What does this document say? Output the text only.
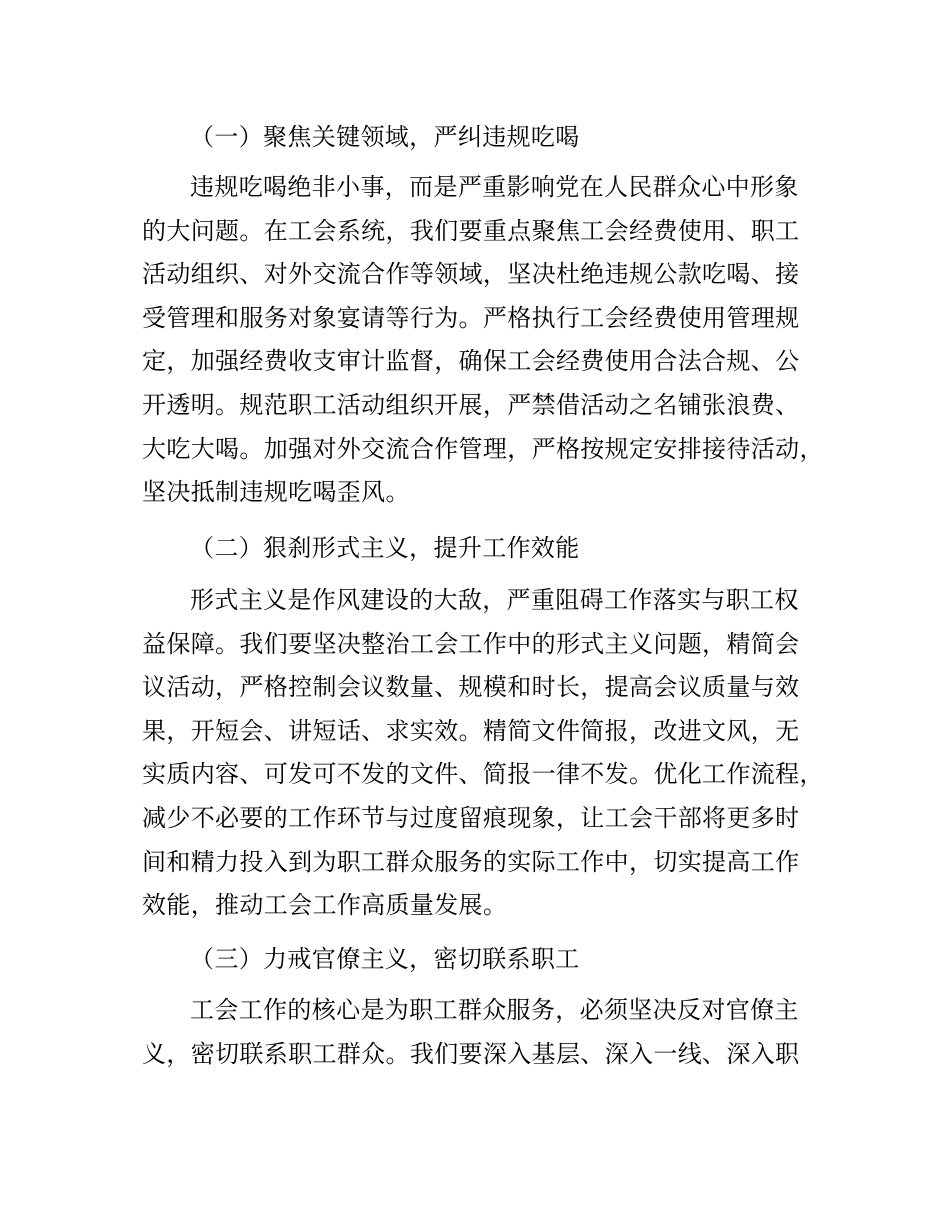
（一）聚焦关键领域，严纠违规吃喝
违规吃喝绝非小事，而是严重影响党在人民群众心中形象
的大问题。在工会系统，我们要重点聚焦工会经费使用、职工
活动组织、对外交流合作等领域，坚决杜绝违规公款吃喝、接
受管理和服务对象宴请等行为。严格执行工会经费使用管理规
定，加强经费收支审计监督，确保工会经费使用合法合规、公
开透明。规范职工活动组织开展，严禁借活动之名铺张浪费、
大吃大喝。加强对外交流合作管理，严格按规定安排接待活动，
坚决抵制违规吃喝歪风。
（二）狠刹形式主义，提升工作效能
形式主义是作风建设的大敌，严重阻碍工作落实与职工权
益保障。我们要坚决整治工会工作中的形式主义问题，精简会
议活动，严格控制会议数量、规模和时长，提高会议质量与效
果，开短会、讲短话、求实效。精简文件简报，改进文风，无
实质内容、可发可不发的文件、简报一律不发。优化工作流程，
减少不必要的工作环节与过度留痕现象，让工会干部将更多时
间和精力投入到为职工群众服务的实际工作中，切实提高工作
效能，推动工会工作高质量发展。
（三）力戒官僚主义，密切联系职工
工会工作的核心是为职工群众服务，必须坚决反对官僚主
义，密切联系职工群众。我们要深入基层、深入一线、深入职
